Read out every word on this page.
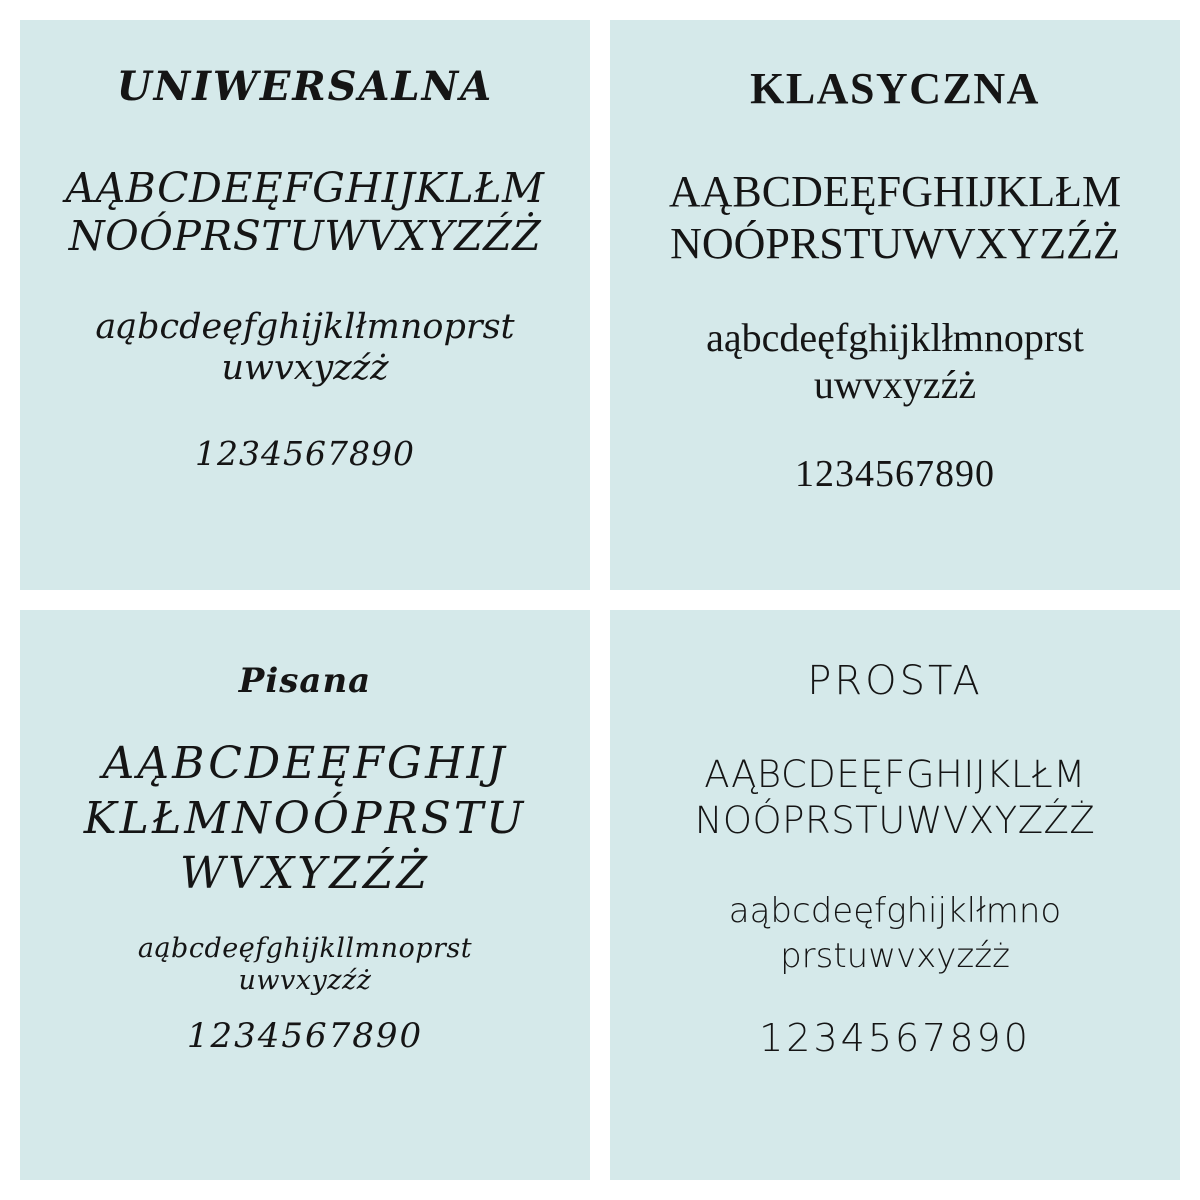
UNIWERSALNA
AĄBCDEĘFGHIJKLŁM
NOÓPRSTUWVXYZŹŻ
aąbcdeęfghijklłmnoprst
uwvxyzźż
1234567890
KLASYCZNA
AĄBCDEĘFGHIJKLŁM
NOÓPRSTUWVXYZŹŻ
aąbcdeęfghijklłmnoprst
uwvxyzźż
1234567890
Pisana
AĄBCDEĘFGHIJ
KLŁMNOÓPRSTU
WVXYZŹŻ
aąbcdeęfghijkllmnoprst
uwvxyzźż
1234567890
PROSTA
AĄBCDEĘFGHIJKLŁM
NOÓPRSTUWVXYZŹŻ
aąbcdeęfghijklłmno
prstuwvxyzźż
1234567890
